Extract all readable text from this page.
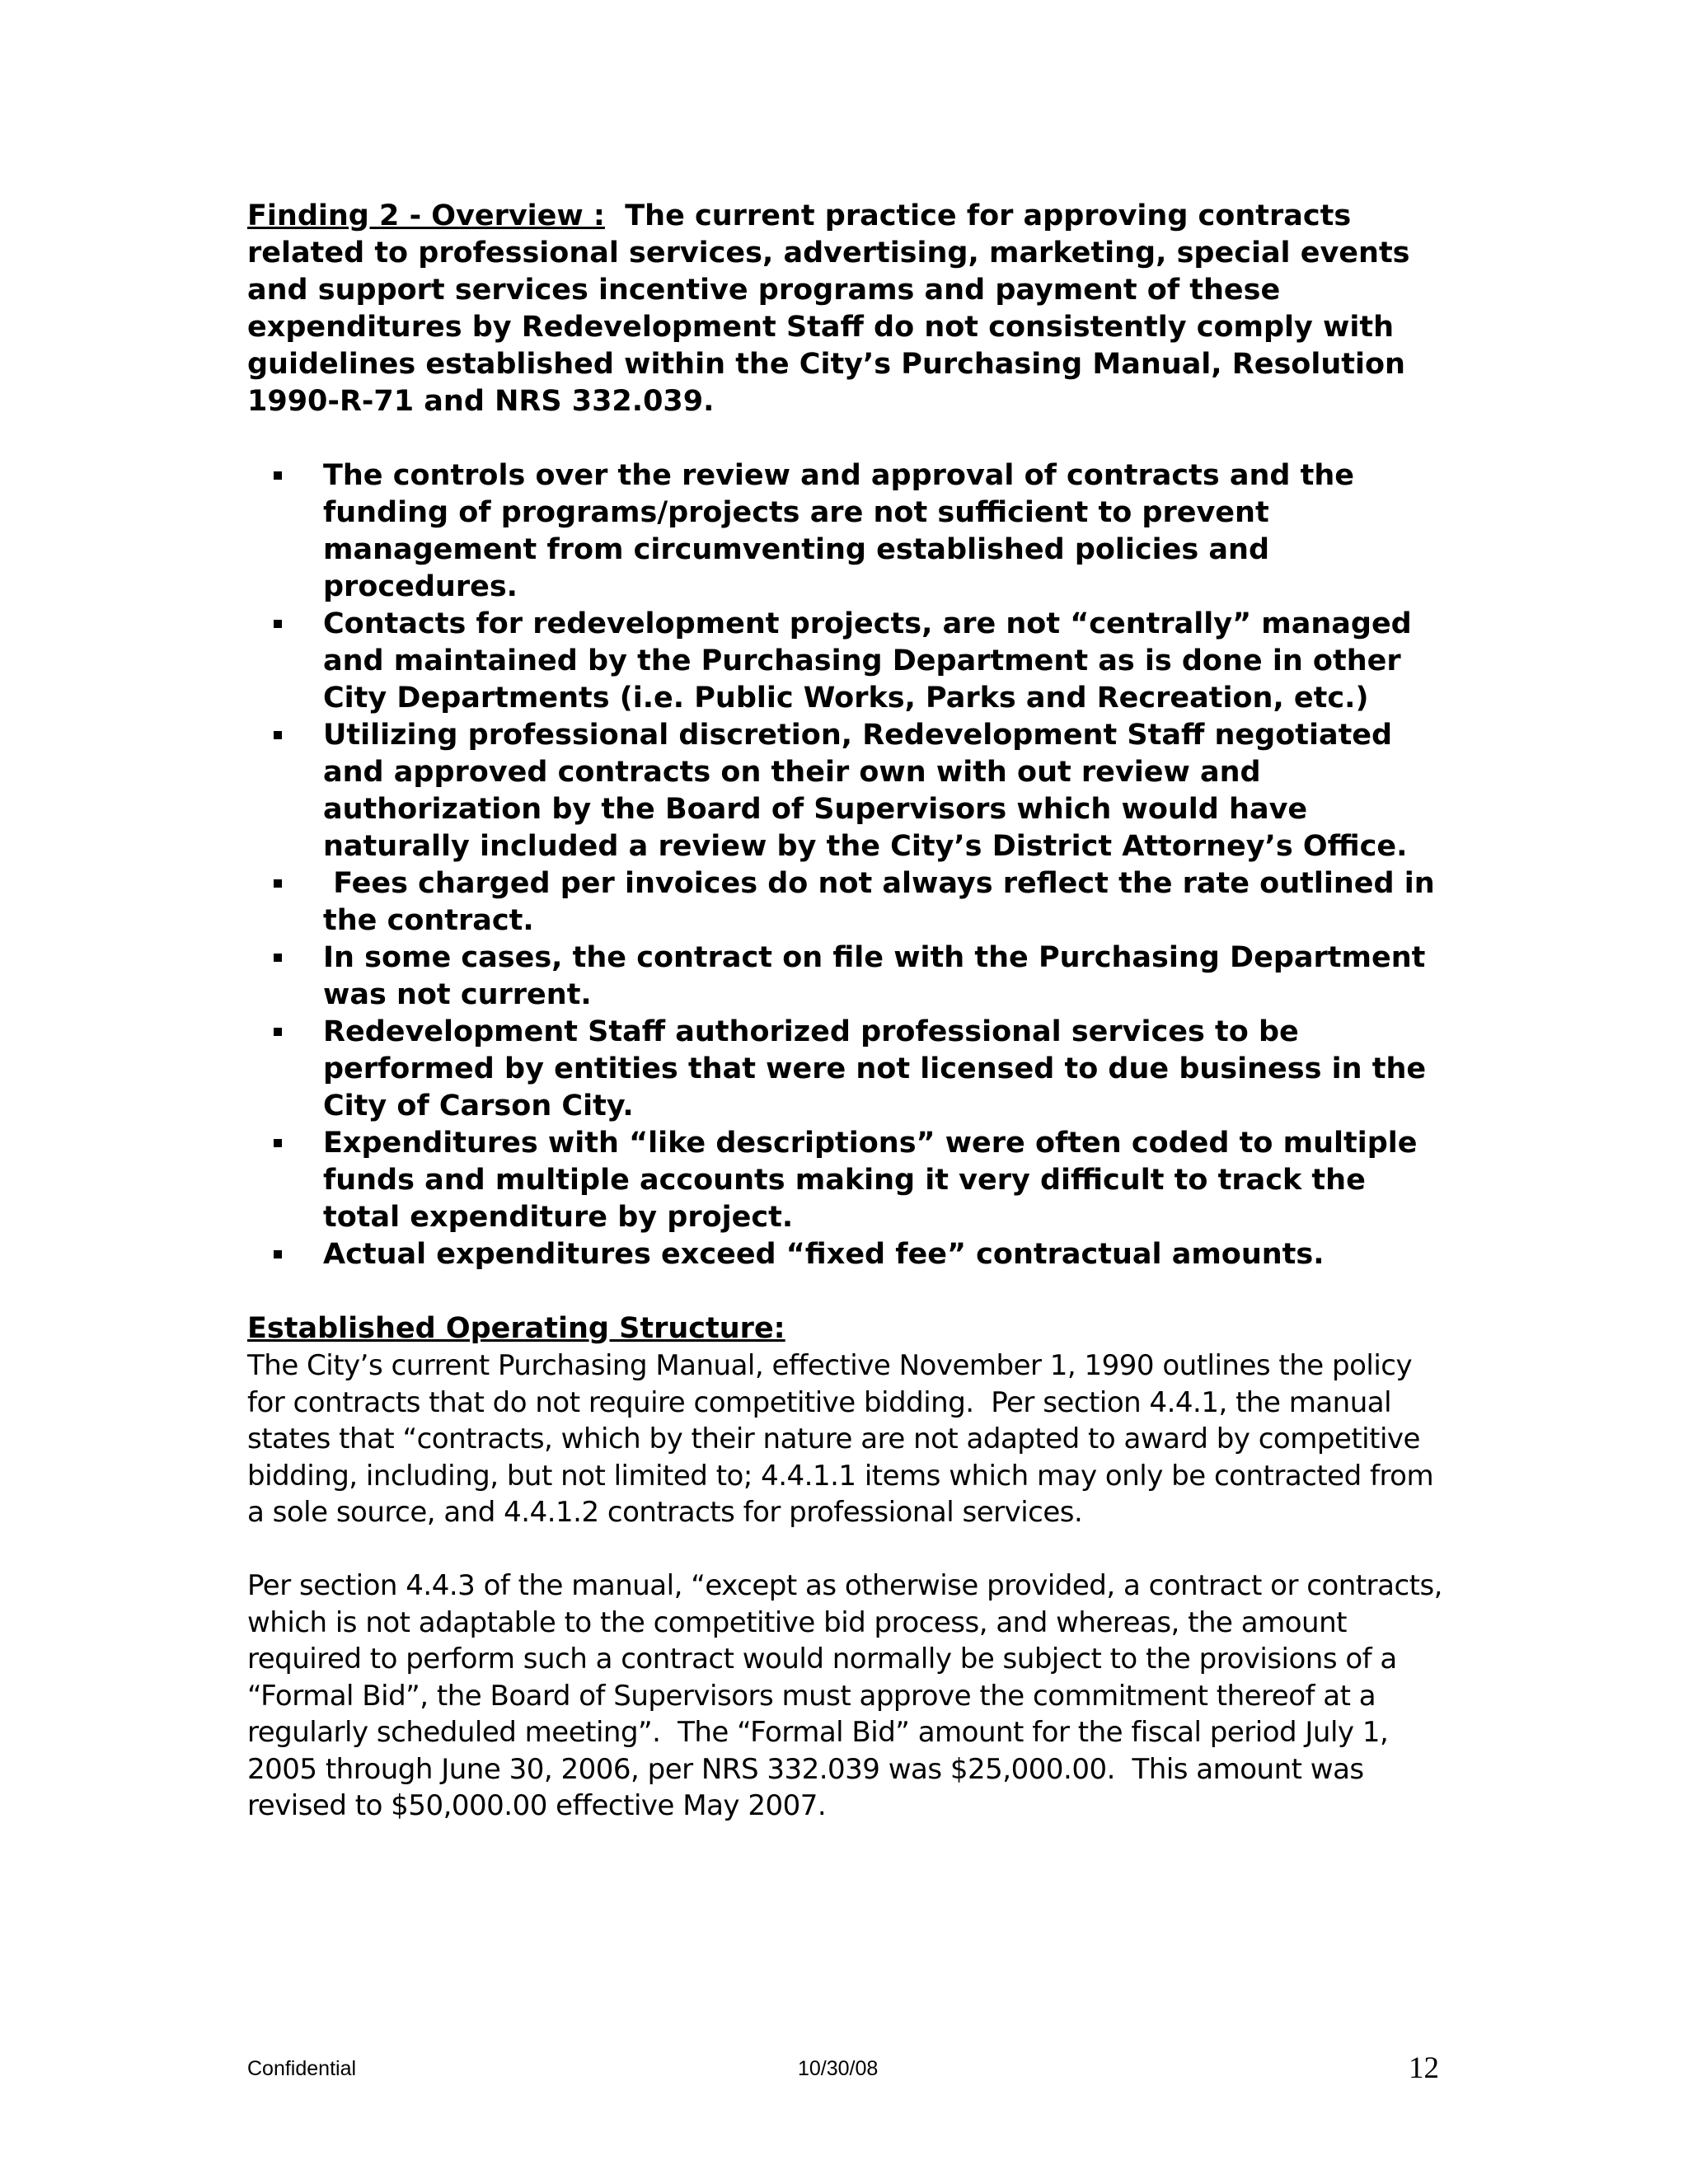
Finding 2 - Overview :  The current practice for approving contracts related to professional services, advertising, marketing, special events and support services incentive programs and payment of these expenditures by Redevelopment Staff do not consistently comply with guidelines established within the City’s Purchasing Manual, Resolution 1990-R-71 and NRS 332.039.

The controls over the review and approval of contracts and the funding of programs/projects are not sufficient to prevent management from circumventing established policies and procedures.
Contacts for redevelopment projects, are not “centrally” managed and maintained by the Purchasing Department as is done in other City Departments (i.e. Public Works, Parks and Recreation, etc.)
Utilizing professional discretion, Redevelopment Staff negotiated and approved contracts on their own with out review and authorization by the Board of Supervisors which would have naturally included a review by the City’s District Attorney’s Office.
Fees charged per invoices do not always reflect the rate outlined in the contract.
In some cases, the contract on file with the Purchasing Department was not current.
Redevelopment Staff authorized professional services to be performed by entities that were not licensed to due business in the City of Carson City.
Expenditures with “like descriptions” were often coded to multiple funds and multiple accounts making it very difficult to track the total expenditure by project.
Actual expenditures exceed “fixed fee” contractual amounts.
Established Operating Structure:

The City’s current Purchasing Manual, effective November 1, 1990 outlines the policy for contracts that do not require competitive bidding.  Per section 4.4.1, the manual states that “contracts, which by their nature are not adapted to award by competitive bidding, including, but not limited to; 4.4.1.1 items which may only be contracted from a sole source, and 4.4.1.2 contracts for professional services.

Per section 4.4.3 of the manual, “except as otherwise provided, a contract or contracts, which is not adaptable to the competitive bid process, and whereas, the amount required to perform such a contract would normally be subject to the provisions of a “Formal Bid”, the Board of Supervisors must approve the commitment thereof at a regularly scheduled meeting”.  The “Formal Bid” amount for the fiscal period July 1, 2005 through June 30, 2006, per NRS 332.039 was $25,000.00.  This amount was revised to $50,000.00 effective May 2007.

Confidential	10/30/08	12
